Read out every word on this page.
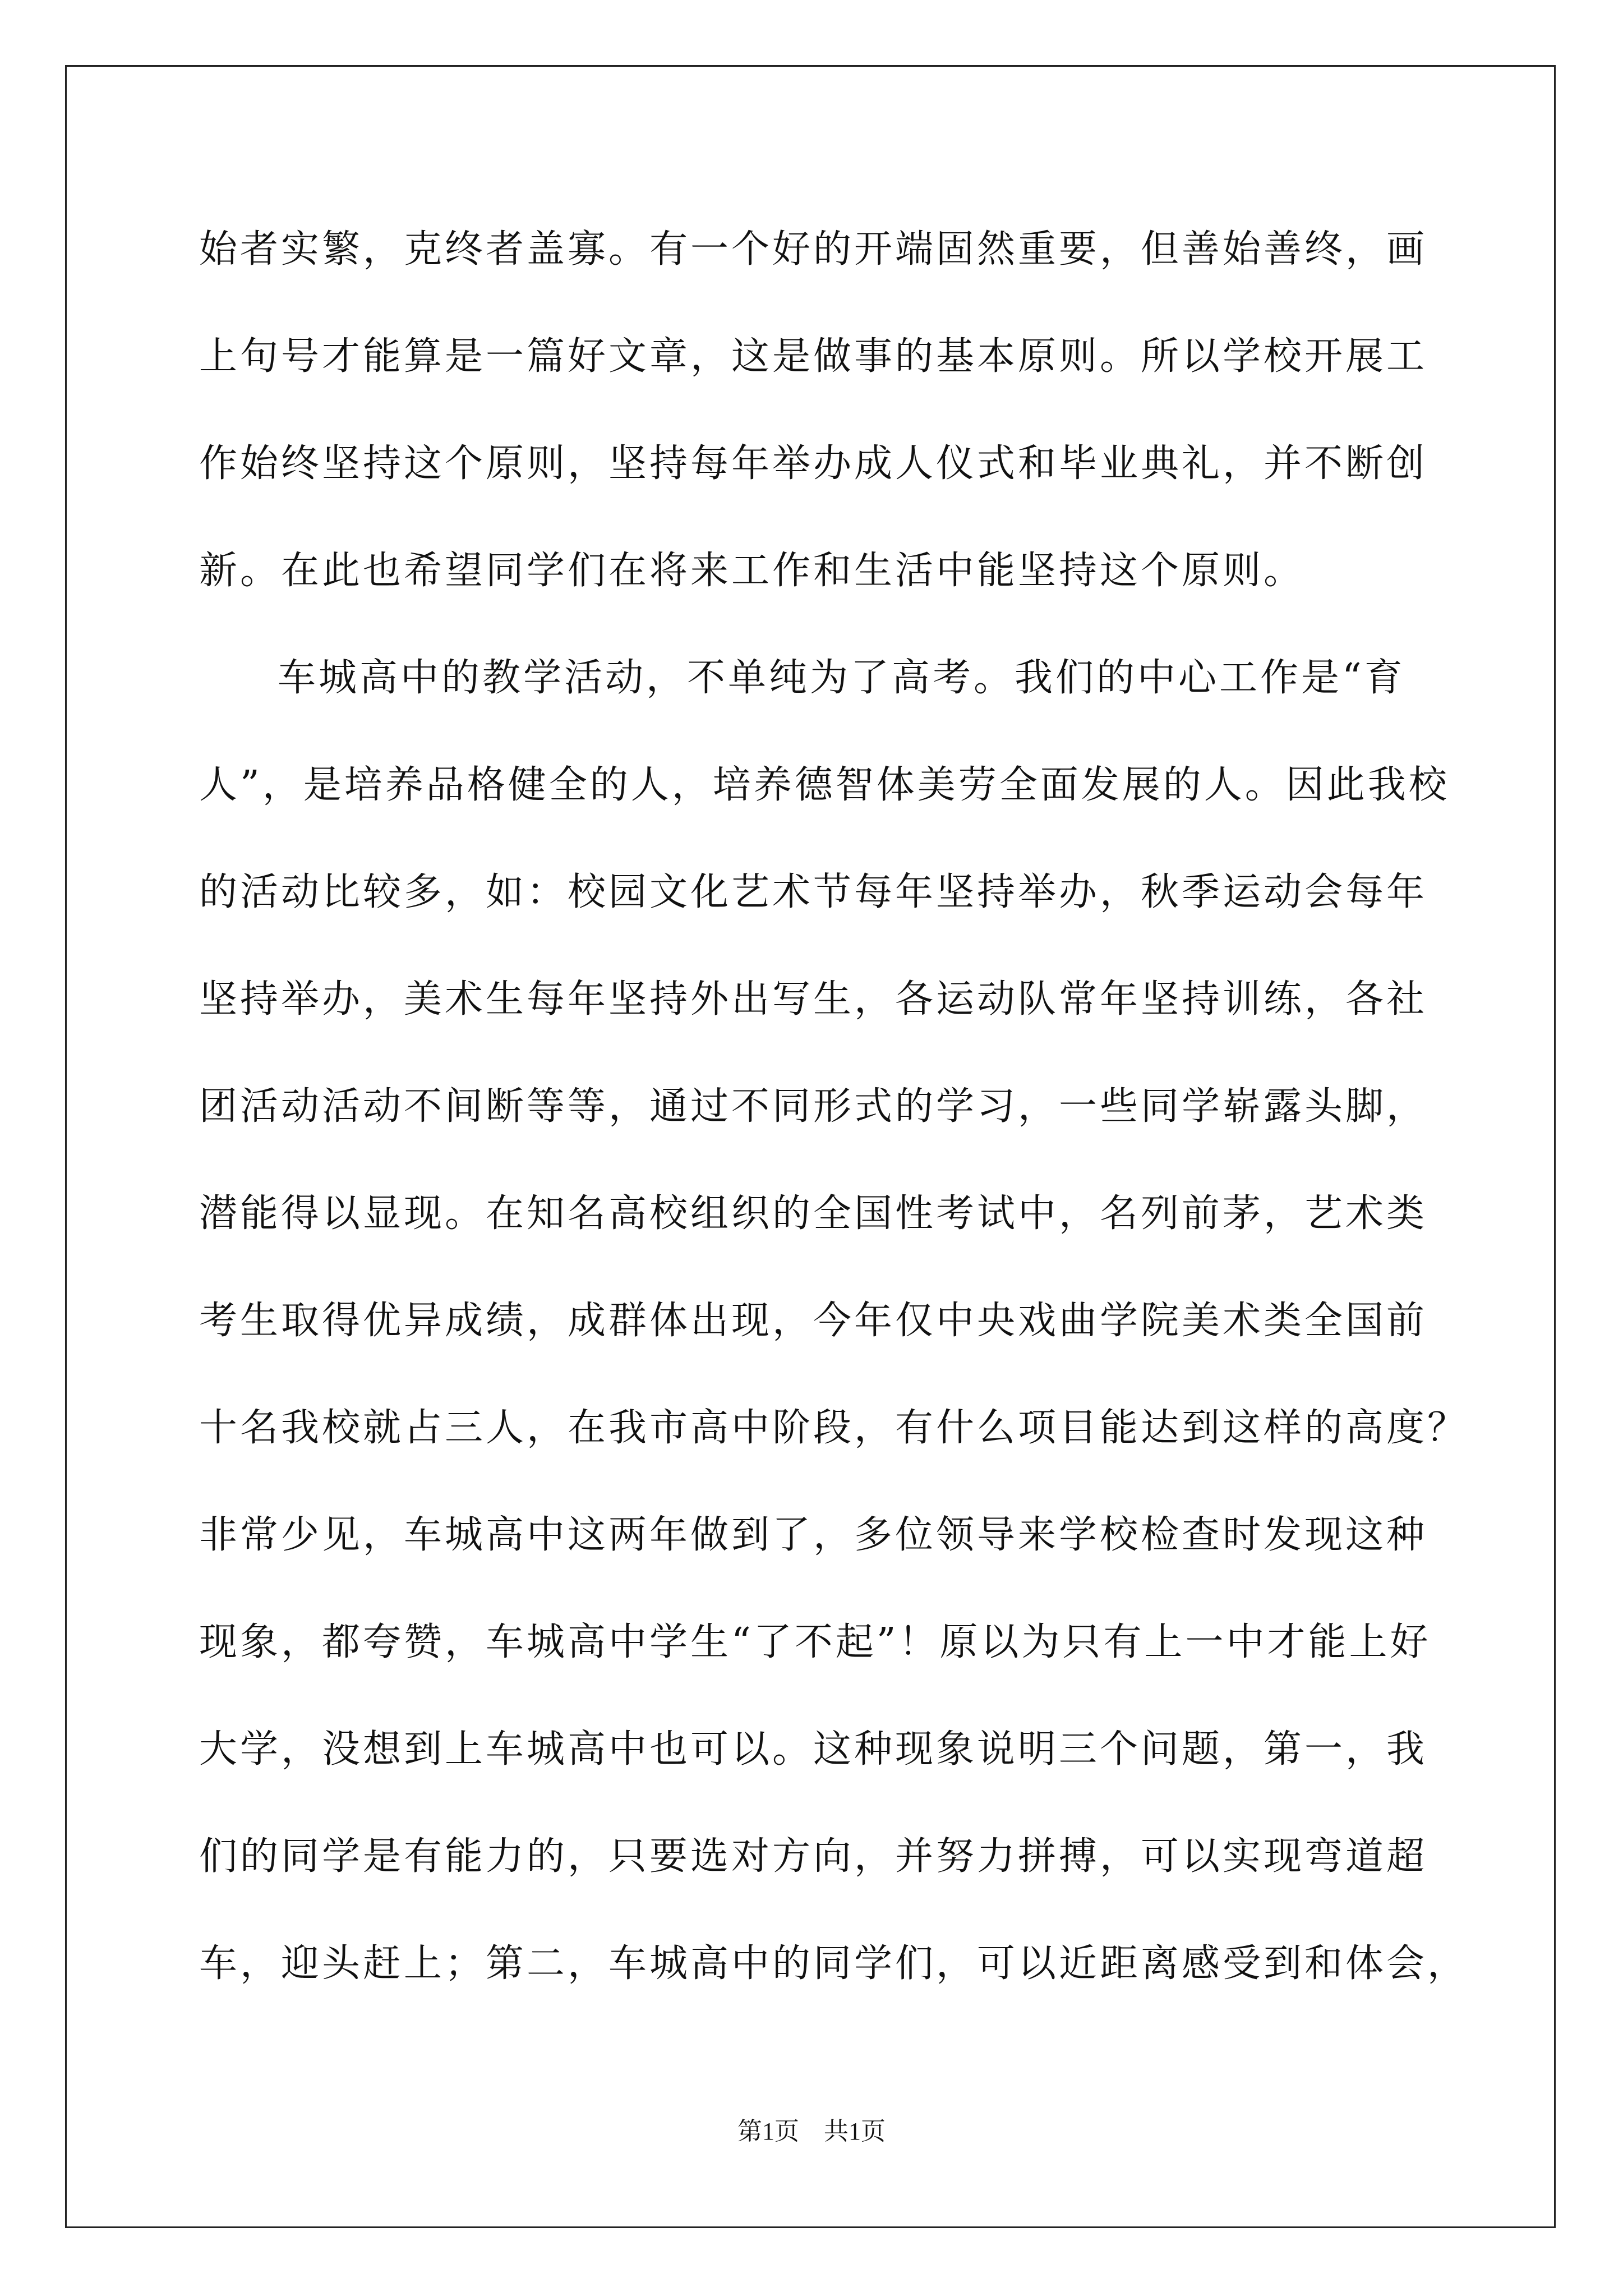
始者实繁，克终者盖寡。有一个好的开端固然重要，但善始善终，画
上句号才能算是一篇好文章，这是做事的基本原则。所以学校开展工
作始终坚持这个原则，坚持每年举办成人仪式和毕业典礼，并不断创
新。在此也希望同学们在将来工作和生活中能坚持这个原则。
车城高中的教学活动，不单纯为了高考。我们的中心工作是“育
人”，是培养品格健全的人，培养德智体美劳全面发展的人。因此我校
的活动比较多，如：校园文化艺术节每年坚持举办，秋季运动会每年
坚持举办，美术生每年坚持外出写生，各运动队常年坚持训练，各社
团活动活动不间断等等，通过不同形式的学习，一些同学崭露头脚，
潜能得以显现。在知名高校组织的全国性考试中，名列前茅，艺术类
考生取得优异成绩，成群体出现，今年仅中央戏曲学院美术类全国前
十名我校就占三人，在我市高中阶段，有什么项目能达到这样的高度？
非常少见，车城高中这两年做到了，多位领导来学校检查时发现这种
现象，都夸赞，车城高中学生“了不起”！原以为只有上一中才能上好
大学，没想到上车城高中也可以。这种现象说明三个问题，第一，我
们的同学是有能力的，只要选对方向，并努力拼搏，可以实现弯道超
车，迎头赶上；第二，车城高中的同学们，可以近距离感受到和体会，
第1页　共1页
